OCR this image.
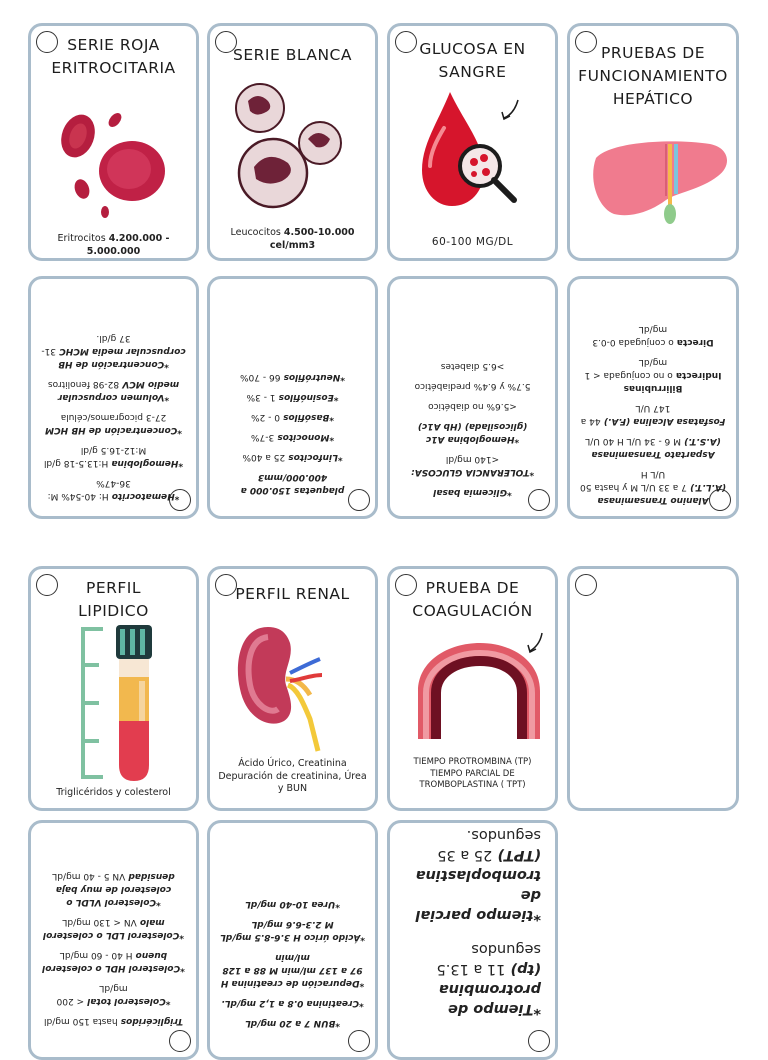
SERIE ROJA
ERITROCITARIA
Eritrocitos 4.200.000 - 5.000.000
SERIE BLANCA
Leucocitos 4.500-10.000 cel/mm3
GLUCOSA EN
SANGRE
60-100 MG/DL
PRUEBAS DE
FUNCIONAMIENTO
HEPÁTICO

*Hematocrito H: 40-54% M: 36-47%

*Hemoglobina H:13.5-18 g/dl M:12-16.5 g/dl

*Concentración de HB HCM 27-3 picogramos/célula

*Volumen corpuscular medio MCV 82-98 fenolitros

*Concentración de HB corpuscular media MCHC 31-37 g/dl.

plaquetas 150.000 a 400.000/mm3

*Linfocitos 25 a 40%

*Monocitos 3-7%

*Basófilos 0 - 2%

*Eosinófilos 1 - 3%

*Neutrófilos 66 - 70%

*Glicemia basal

*TOLERANCIA GLUCOSA:
<140 mg/dl

*Hemoglobina A1c (glicosilada) (Hb A1c)

<5.6% no diabético

5.7% y 6.4% prediabético

>6.5 diabetes

Alanino Transaminasa (A.L.T.) 7 a 33 U/L M y hasta 50 U/L H

Aspartato Transaminasa (A.S.T.) M 6 - 34 U/L H 40 U/L

Fosfatasa Alcalina (F.A.) 44 a 147 U/L

Bilirrubinas
Indirecta o no conjugada < 1 mg/dL

Directa o conjugada 0-0.3 mg/dL

PERFIL
LIPIDICO
Triglicéridos y colesterol
PERFIL RENAL
Ácido Úrico, Creatinina
Depuración de creatinina, Úrea y BUN
PRUEBA DE
COAGULACIÓN
TIEMPO PROTROMBINA (TP)
TIEMPO PARCIAL DE
TROMBOPLASTINA ( TPT)

Triglicéridos hasta 150 mg/dl

*Colesterol total < 200 mg/dL

*Colesterol HDL o colesterol bueno H 40 - 60 mg/dL

*Colesterol LDL o colesterol malo VN < 130 mg/dL

*Colesterol VLDL o colesterol de muy baja densidad VN 5 - 40 mg/dL

*BUN 7 a 20 mg/dL

*Creatinina 0.8 a 1,2 mg/dL.

*Depuración de creatinina H 97 a 137 ml/min M 88 a 128 ml/min

*Ácido úrico H 3.6-8.5 mg/dL M 2.3-6.6 mg/dL

*Urea 10-40 mg/dL

*Tiempo de protrombina (tp) 11 a 13.5 segundos

*tiempo parcial de tromboplastina (TPT) 25 a 35 segundos.
